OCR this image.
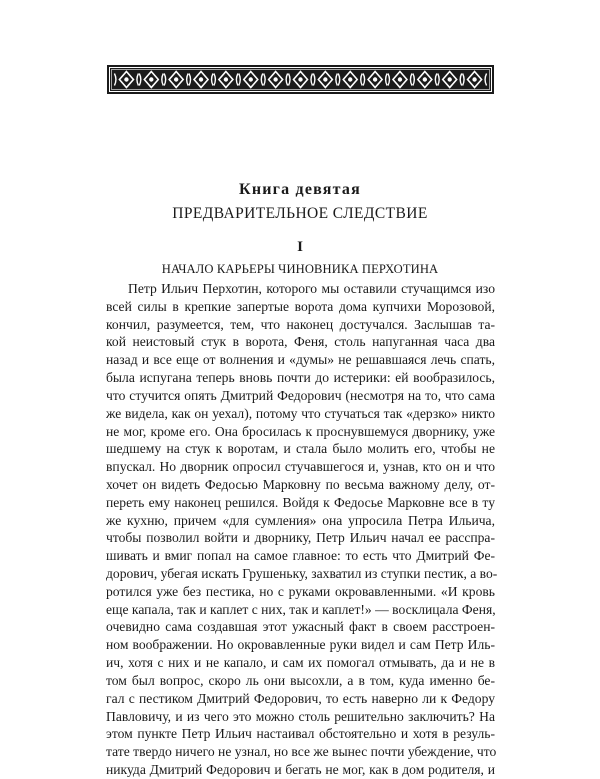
Книга девятая
ПРЕДВАРИТЕЛЬНОЕ СЛЕДСТВИЕ
I
НАЧАЛО КАРЬЕРЫ ЧИНОВНИКА ПЕРХОТИНА
Петр Ильич Перхотин, которого мы оставили стучащимся изо
всей силы в крепкие запертые ворота дома купчихи Морозовой,
кончил, разумеется, тем, что наконец достучался. Заслышав та-
кой неистовый стук в ворота, Феня, столь напуганная часа два
назад и все еще от волнения и «думы» не решавшаяся лечь спать,
была испугана теперь вновь почти до истерики: ей вообразилось,
что стучится опять Дмитрий Федорович (несмотря на то, что сама
же видела, как он уехал), потому что стучаться так «дерзко» никто
не мог, кроме его. Она бросилась к проснувшемуся дворнику, уже
шедшему на стук к воротам, и стала было молить его, чтобы не
впускал. Но дворник опросил стучавшегося и, узнав, кто он и что
хочет он видеть Федосью Марковну по весьма важному делу, от-
переть ему наконец решился. Войдя к Федосье Марковне все в ту
же кухню, причем «для сумления» она упросила Петра Ильича,
чтобы позволил войти и дворнику, Петр Ильич начал ее расспра-
шивать и вмиг попал на самое главное: то есть что Дмитрий Фе-
дорович, убегая искать Грушеньку, захватил из ступки пестик, а во-
ротился уже без пестика, но с руками окровавленными. «И кровь
еще капала, так и каплет с них, так и каплет!» — восклицала Феня,
очевидно сама создавшая этот ужасный факт в своем расстроен-
ном воображении. Но окровавленные руки видел и сам Петр Иль-
ич, хотя с них и не капало, и сам их помогал отмывать, да и не в
том был вопрос, скоро ль они высохли, а в том, куда именно бе-
гал с пестиком Дмитрий Федорович, то есть наверно ли к Федору
Павловичу, и из чего это можно столь решительно заключить? На
этом пункте Петр Ильич настаивал обстоятельно и хотя в резуль-
тате твердо ничего не узнал, но все же вынес почти убеждение, что
никуда Дмитрий Федорович и бегать не мог, как в дом родителя, и
